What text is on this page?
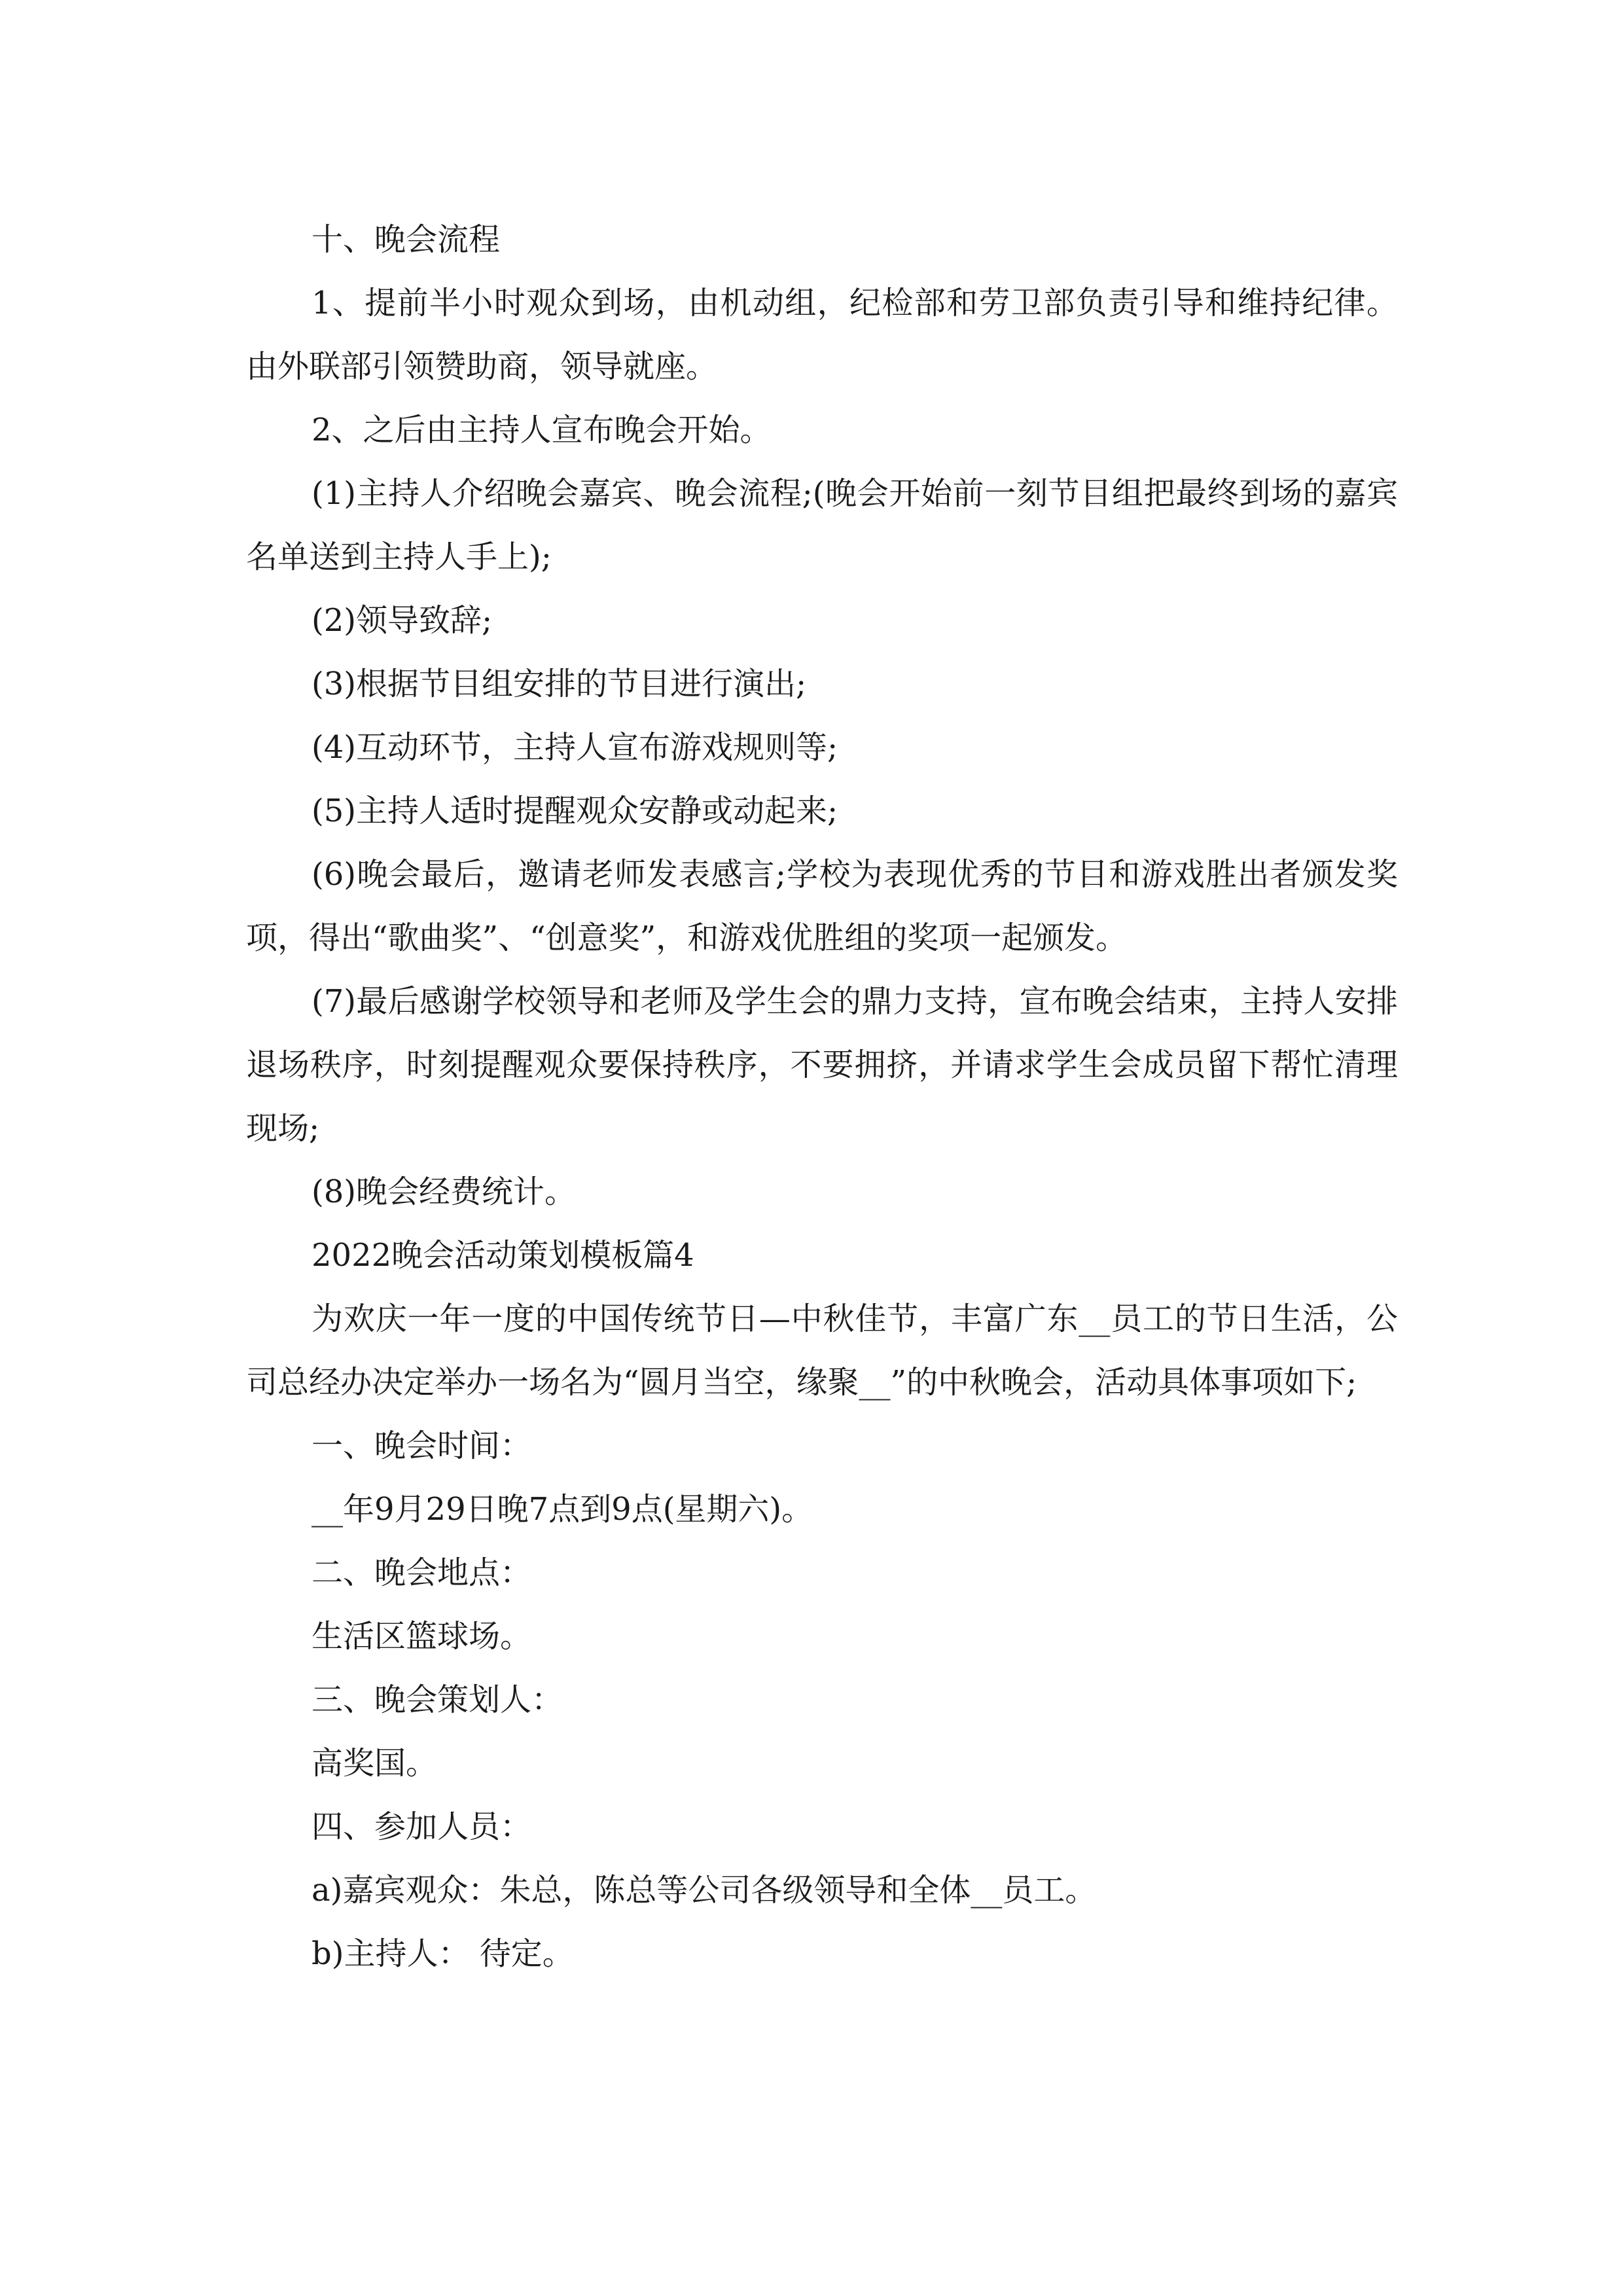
十、晚会流程

1、提前半小时观众到场，由机动组，纪检部和劳卫部负责引导和维持纪律。由外联部引领赞助商，领导就座。

2、之后由主持人宣布晚会开始。

(1)主持人介绍晚会嘉宾、晚会流程;(晚会开始前一刻节目组把最终到场的嘉宾名单送到主持人手上);

(2)领导致辞;

(3)根据节目组安排的节目进行演出;

(4)互动环节，主持人宣布游戏规则等;

(5)主持人适时提醒观众安静或动起来;

(6)晚会最后，邀请老师发表感言;学校为表现优秀的节目和游戏胜出者颁发奖项，得出“歌曲奖”、“创意奖”，和游戏优胜组的奖项一起颁发。

(7)最后感谢学校领导和老师及学生会的鼎力支持，宣布晚会结束，主持人安排退场秩序，时刻提醒观众要保持秩序，不要拥挤，并请求学生会成员留下帮忙清理现场;

(8)晚会经费统计。

2022晚会活动策划模板篇4

为欢庆一年一度的中国传统节日—中秋佳节，丰富广东__员工的节日生活，公司总经办决定举办一场名为“圆月当空，缘聚__”的中秋晚会，活动具体事项如下;

一、晚会时间：

__年9月29日晚7点到9点(星期六)。

二、晚会地点：

生活区篮球场。

三、晚会策划人：

高奖国。

四、参加人员：

a)嘉宾观众：朱总，陈总等公司各级领导和全体__员工。

b)主持人： 待定。
